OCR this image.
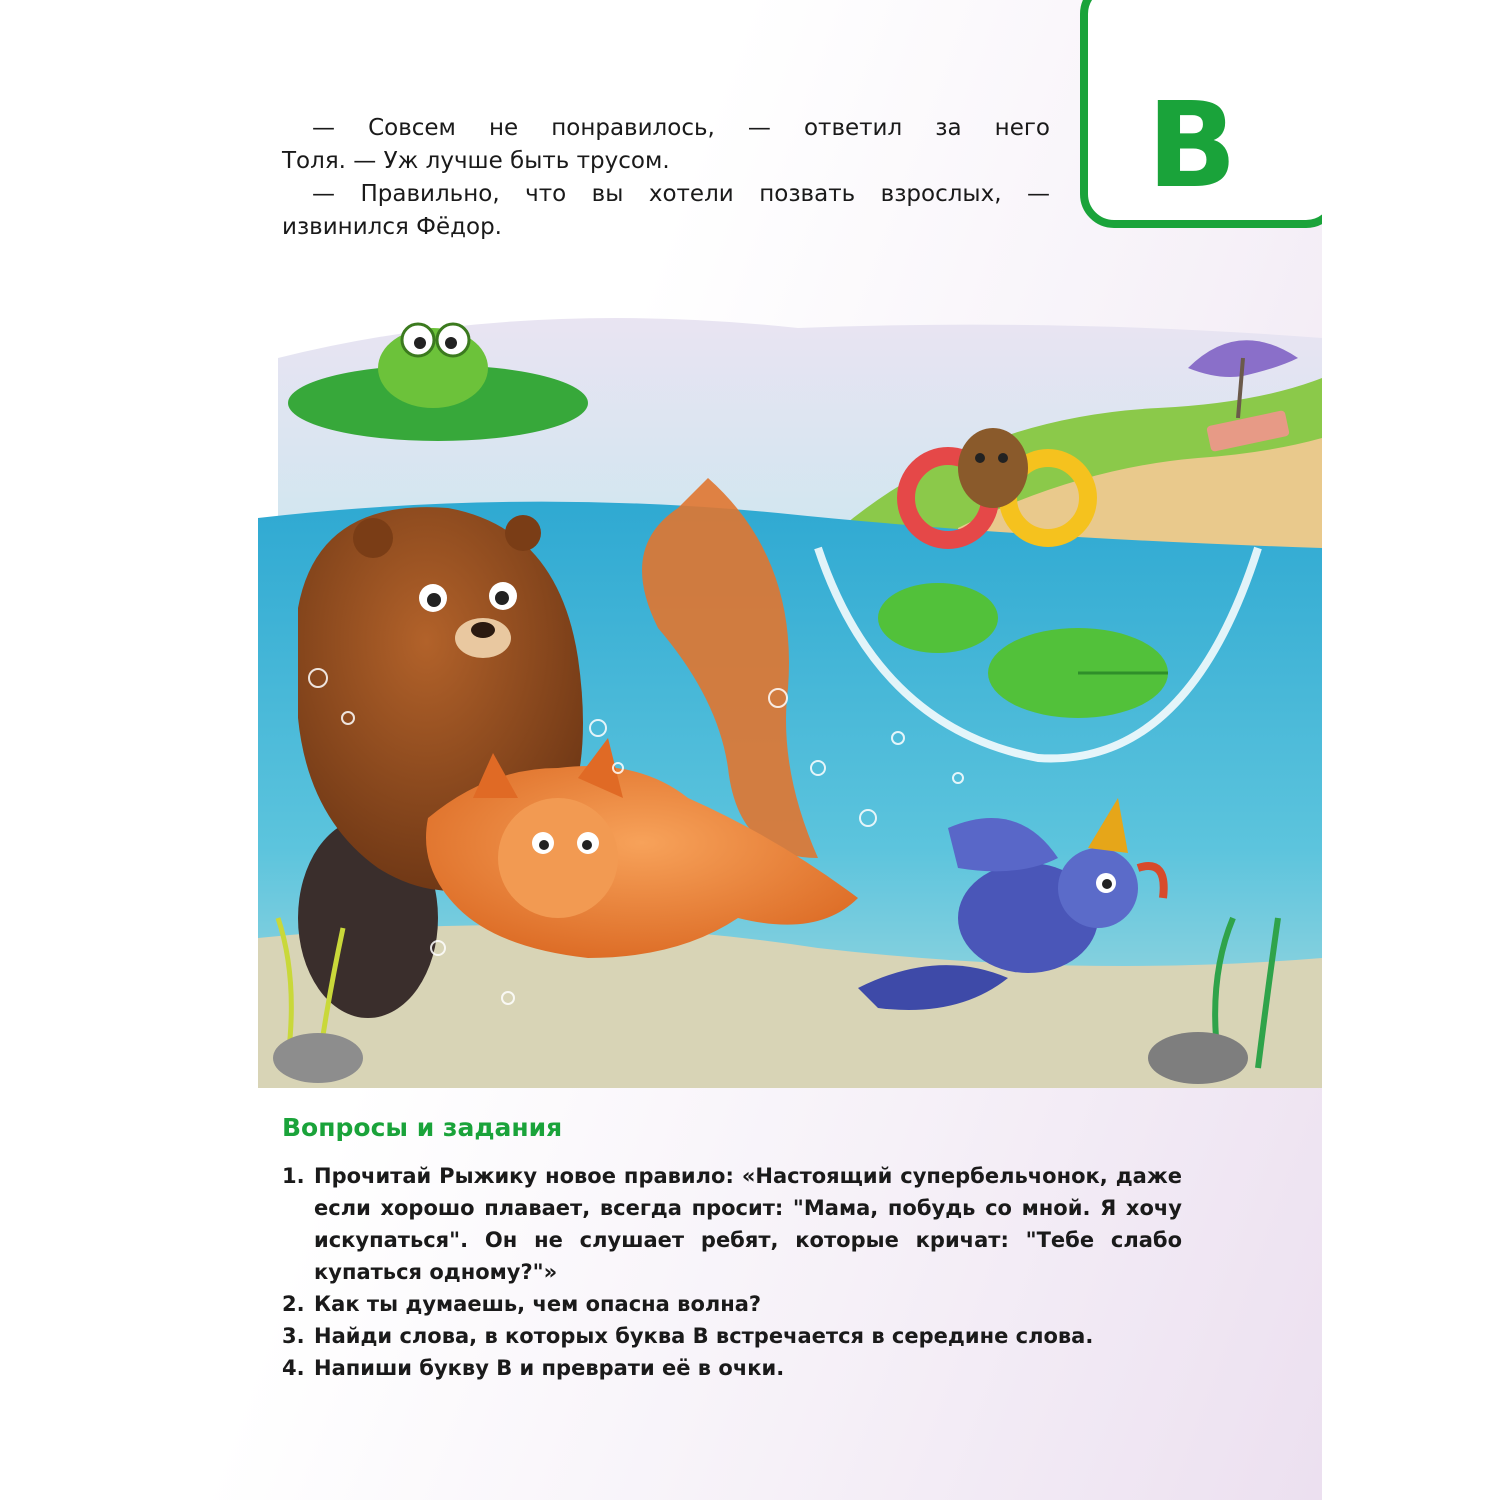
— Совсем не понравилось, — ответил за него

Толя. — Уж лучше быть трусом.

— Правильно, что вы хотели позвать взрослых, —

извинился Фёдор.

В
Вопросы и задания
1. Прочитай Рыжику новое правило: «Настоящий супербельчонок, даже если хорошо плавает, всегда просит: "Мама, побудь со мной. Я хочу искупаться". Он не слушает ребят, которые кричат: "Тебе слабо купаться одному?"»
2. Как ты думаешь, чем опасна волна?
3. Найди слова, в которых буква В встречается в середине слова.
4. Напиши букву В и преврати её в очки.
